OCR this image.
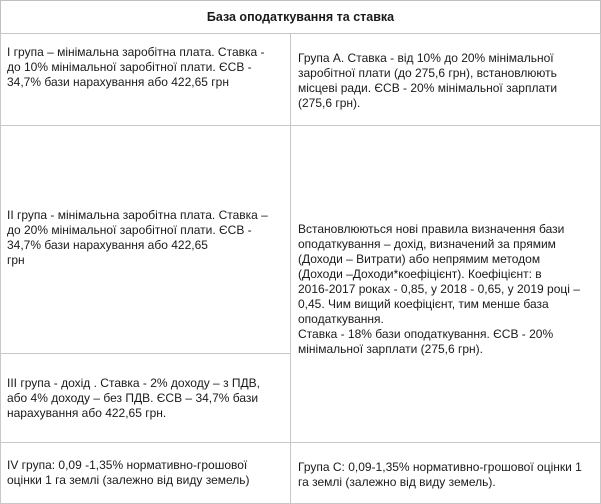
База оподаткування та ставка

І група – мінімальна заробітна плата. Ставка -
до 10% мінімальної заробітної плати. ЄСВ -
34,7% бази нарахування або 422,65 грн

Група А. Ставка - від 10% до 20% мінімальної
заробітної плати (до 275,6 грн), встановлюють
місцеві ради. ЄСВ - 20% мінімальної зарплати
(275,6 грн).

ІІ група - мінімальна заробітна плата. Ставка –
до 20% мінімальної заробітної плати. ЄСВ -
34,7% бази нарахування або 422,65
грн

Встановлюються нові правила визначення бази
оподаткування – дохід, визначений за прямим
(Доходи – Витрати) або непрямим методом
(Доходи –Доходи*коефіцієнт). Коефіцієнт: в
2016-2017 роках - 0,85, у 2018 - 0,65, у 2019 році –
0,45. Чим вищий коефіцієнт, тим менше база
оподаткування.
Ставка - 18% бази оподаткування. ЄСВ - 20%
мінімальної зарплати (275,6 грн).

ІІІ група - дохід . Ставка - 2% доходу – з ПДВ,
або 4% доходу – без ПДВ. ЄСВ – 34,7% бази
нарахування або 422,65 грн.

IV група: 0,09 -1,35% нормативно-грошової
оцінки 1 га землі (залежно від виду земель)

Група С: 0,09-1,35% нормативно-грошової оцінки 1
га землі (залежно від виду земель).
